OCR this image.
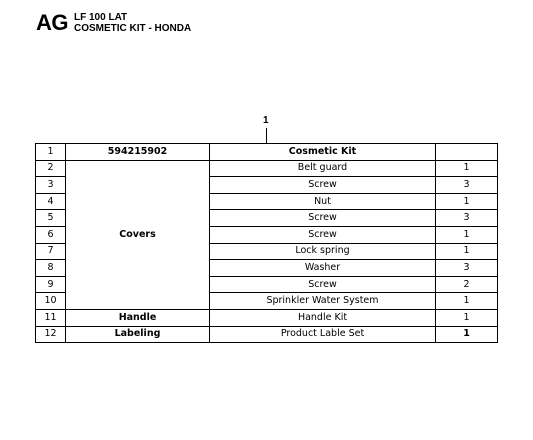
AG LF 100 LAT
COSMETIC KIT - HONDA
1
1	594215902	Cosmetic Kit	
2	Covers	Belt guard	1
3		Screw	3
4		Nut	1
5		Screw	3
6		Screw	1
7		Lock spring	1
8		Washer	3
9		Screw	2
10		Sprinkler Water System	1
11	Handle	Handle Kit	1
12	Labeling	Product Lable Set	1
